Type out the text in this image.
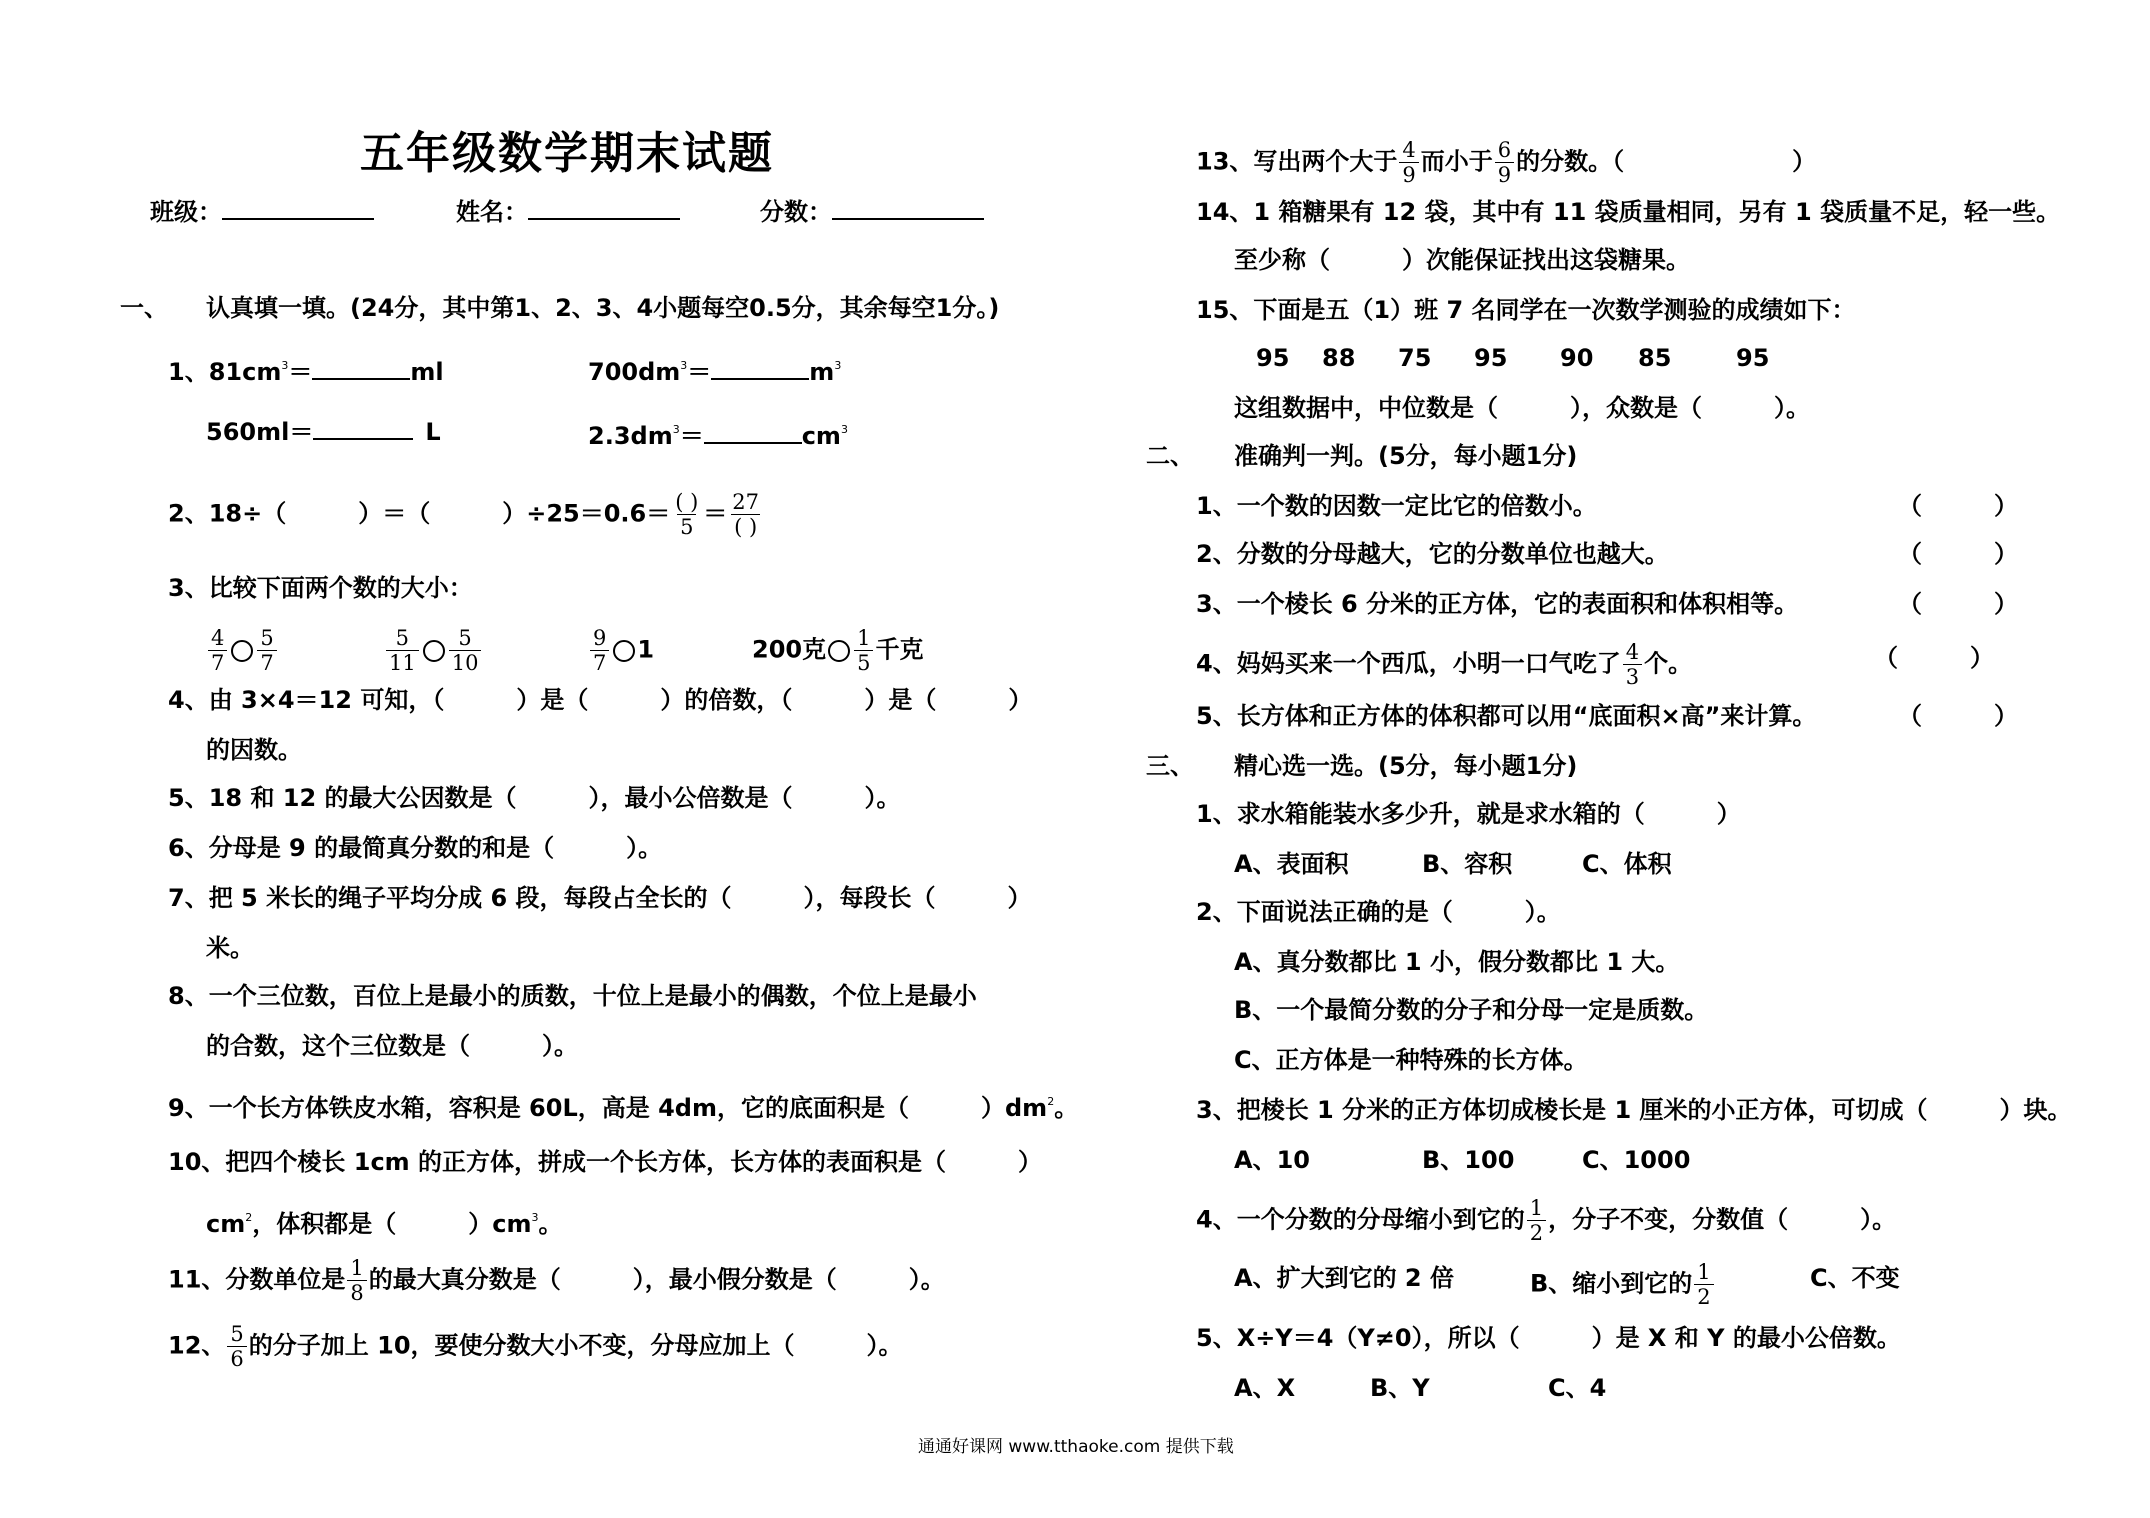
五年级数学期末试题
班级：	姓名：	分数：
一、 认真填一填。(24分，其中第1、2、3、4小题每空0.5分，其余每空1分。)
1、$81cm^3=$	ml	$700dm^3=$	$m^3$
560ml＝	L	$2.3dm^3=$	$cm^3$
2、18÷（　　　）＝（　　　）$\div 25=0.6= \frac{( )}{5} = \frac{27}{( )}$
3、比较下面两个数的大小：
$\frac{4}{7} \frac{5}{7}$	$\frac{5}{11} \frac{5}{10}$	$\frac{9}{7} 1$	200克 $\frac{1}{5}$ 千克
4、由 3×4＝12 可知，（　　　）是（　　　）的倍数，（　　　）是（　　　）
的因数。
5、18 和 12 的最大公因数是（　　　），最小公倍数是（　　　）。
6、分母是 9 的最简真分数的和是（　　　）。
7、把 5 米长的绳子平均分成 6 段，每段占全长的（　　　），每段长（　　　）
米。
8、一个三位数，百位上是最小的质数，十位上是最小的偶数，个位上是最小
的合数，这个三位数是（　　　）。
9、一个长方体铁皮水箱，容积是 60L，高是 4dm，它的底面积是（　　　）$dm^2$。
10、把四个棱长 1cm 的正方体，拼成一个长方体，长方体的表面积是（　　　）
$cm^2$，体积都是（　　　）$cm^3$。
11、分数单位是 $\frac{1}{8}$ 的最大真分数是（　　　），最小假分数是（　　　）。
12、 $\frac{5}{6}$ 的分子加上 10，要使分数大小不变，分母应加上（　　　）。
13、写出两个大于 $\frac{4}{9}$ 而小于 $\frac{6}{9}$ 的分数。（　　　　　　　）
14、1 箱糖果有 12 袋，其中有 11 袋质量相同，另有 1 袋质量不足，轻一些。
至少称（　　　）次能保证找出这袋糖果。
15、下面是五（1）班 7 名同学在一次数学测验的成绩如下：
95 88 75 95 90 85	95
这组数据中，中位数是（　　　），众数是（　　　）。
二、 准确判一判。(5分，每小题1分)
1、一个数的因数一定比它的倍数小。	（　　　）
2、分数的分母越大，它的分数单位也越大。	（　　　）
3、一个棱长 6 分米的正方体，它的表面积和体积相等。	（　　　）
4、妈妈买来一个西瓜，小明一口气吃了 $\frac{4}{3}$ 个。	（　　　）
5、长方体和正方体的体积都可以用“底面积×高”来计算。	（　　　）
三、 精心选一选。(5分，每小题1分)
1、求水箱能装水多少升，就是求水箱的（　　　）
A、表面积	B、容积	C、体积
2、下面说法正确的是（　　　）。
A、真分数都比 1 小，假分数都比 1 大。
B、一个最简分数的分子和分母一定是质数。
C、正方体是一种特殊的长方体。
3、把棱长 1 分米的正方体切成棱长是 1 厘米的小正方体，可切成（　　　）块。
A、10	B、100	C、1000
4、一个分数的分母缩小到它的 $\frac{1}{2}$ ，分子不变，分数值（　　　）。
A、扩大到它的 2 倍	B、缩小到它的 $\frac{1}{2}$	C、不变
5、X÷Y＝4（Y≠0），所以（　　　）是 X 和 Y 的最小公倍数。
A、X	B、Y	C、4
通通好课网 www.tthaoke.com 提供下载
